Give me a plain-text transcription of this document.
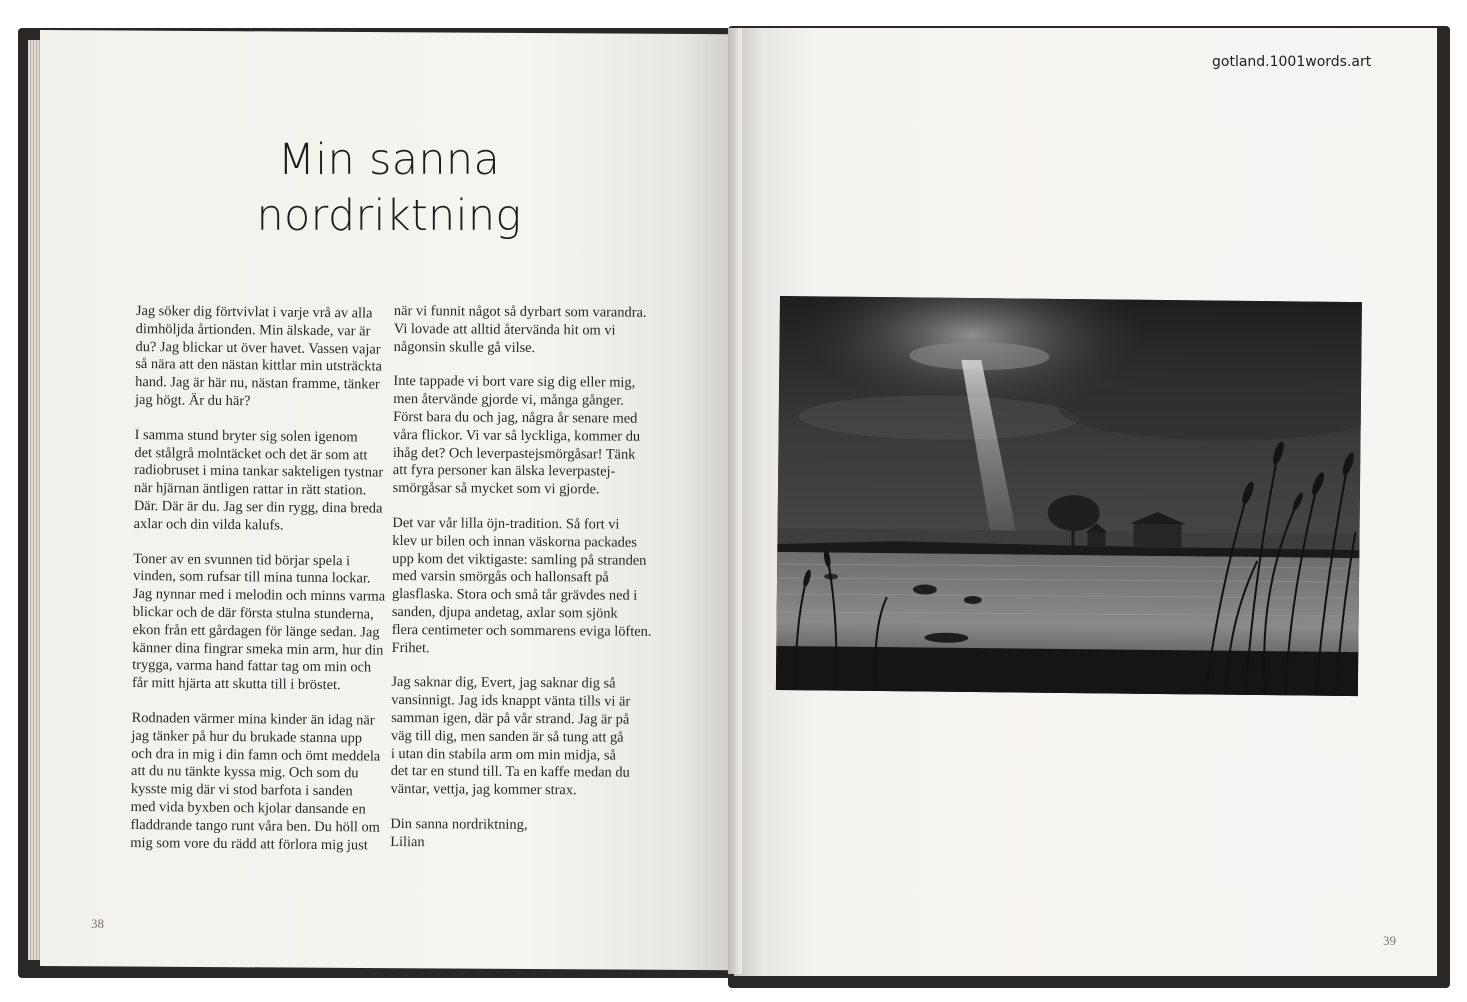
Min sanna
nordriktning
Jag söker dig förtvivlat i varje vrå av alla
dimhöljda årtionden. Min älskade, var är
du? Jag blickar ut över havet. Vassen vajar
så nära att den nästan kittlar min utsträckta
hand. Jag är här nu, nästan framme, tänker
jag högt. Är du här?
I samma stund bryter sig solen igenom
det stålgrå molntäcket och det är som att
radiobruset i mina tankar sakteligen tystnar
när hjärnan äntligen rattar in rätt station.
Där. Där är du. Jag ser din rygg, dina breda
axlar och din vilda kalufs.
Toner av en svunnen tid börjar spela i
vinden, som rufsar till mina tunna lockar.
Jag nynnar med i melodin och minns varma
blickar och de där första stulna stunderna,
ekon från ett gårdagen för länge sedan. Jag
känner dina fingrar smeka min arm, hur din
trygga, varma hand fattar tag om min och
får mitt hjärta att skutta till i bröstet.
Rodnaden värmer mina kinder än idag när
jag tänker på hur du brukade stanna upp
och dra in mig i din famn och ömt meddela
att du nu tänkte kyssa mig. Och som du
kysste mig där vi stod barfota i sanden
med vida byxben och kjolar dansande en
fladdrande tango runt våra ben. Du höll om
mig som vore du rädd att förlora mig just
när vi funnit något så dyrbart som varandra.
Vi lovade att alltid återvända hit om vi
någonsin skulle gå vilse.
Inte tappade vi bort vare sig dig eller mig,
men återvände gjorde vi, många gånger.
Först bara du och jag, några år senare med
våra flickor. Vi var så lyckliga, kommer du
ihåg det? Och leverpastejsmörgåsar! Tänk
att fyra personer kan älska leverpastej-
smörgåsar så mycket som vi gjorde.
Det var vår lilla öjn-tradition. Så fort vi
klev ur bilen och innan väskorna packades
upp kom det viktigaste: samling på stranden
med varsin smörgås och hallonsaft på
glasflaska. Stora och små tår grävdes ned i
sanden, djupa andetag, axlar som sjönk
flera centimeter och sommarens eviga löften.
Frihet.
Jag saknar dig, Evert, jag saknar dig så
vansinnigt. Jag ids knappt vänta tills vi är
samman igen, där på vår strand. Jag är på
väg till dig, men sanden är så tung att gå
i utan din stabila arm om min midja, så
det tar en stund till. Ta en kaffe medan du
väntar, vettja, jag kommer strax.
Din sanna nordriktning,
Lilian
38
39
gotland.1001words.art
